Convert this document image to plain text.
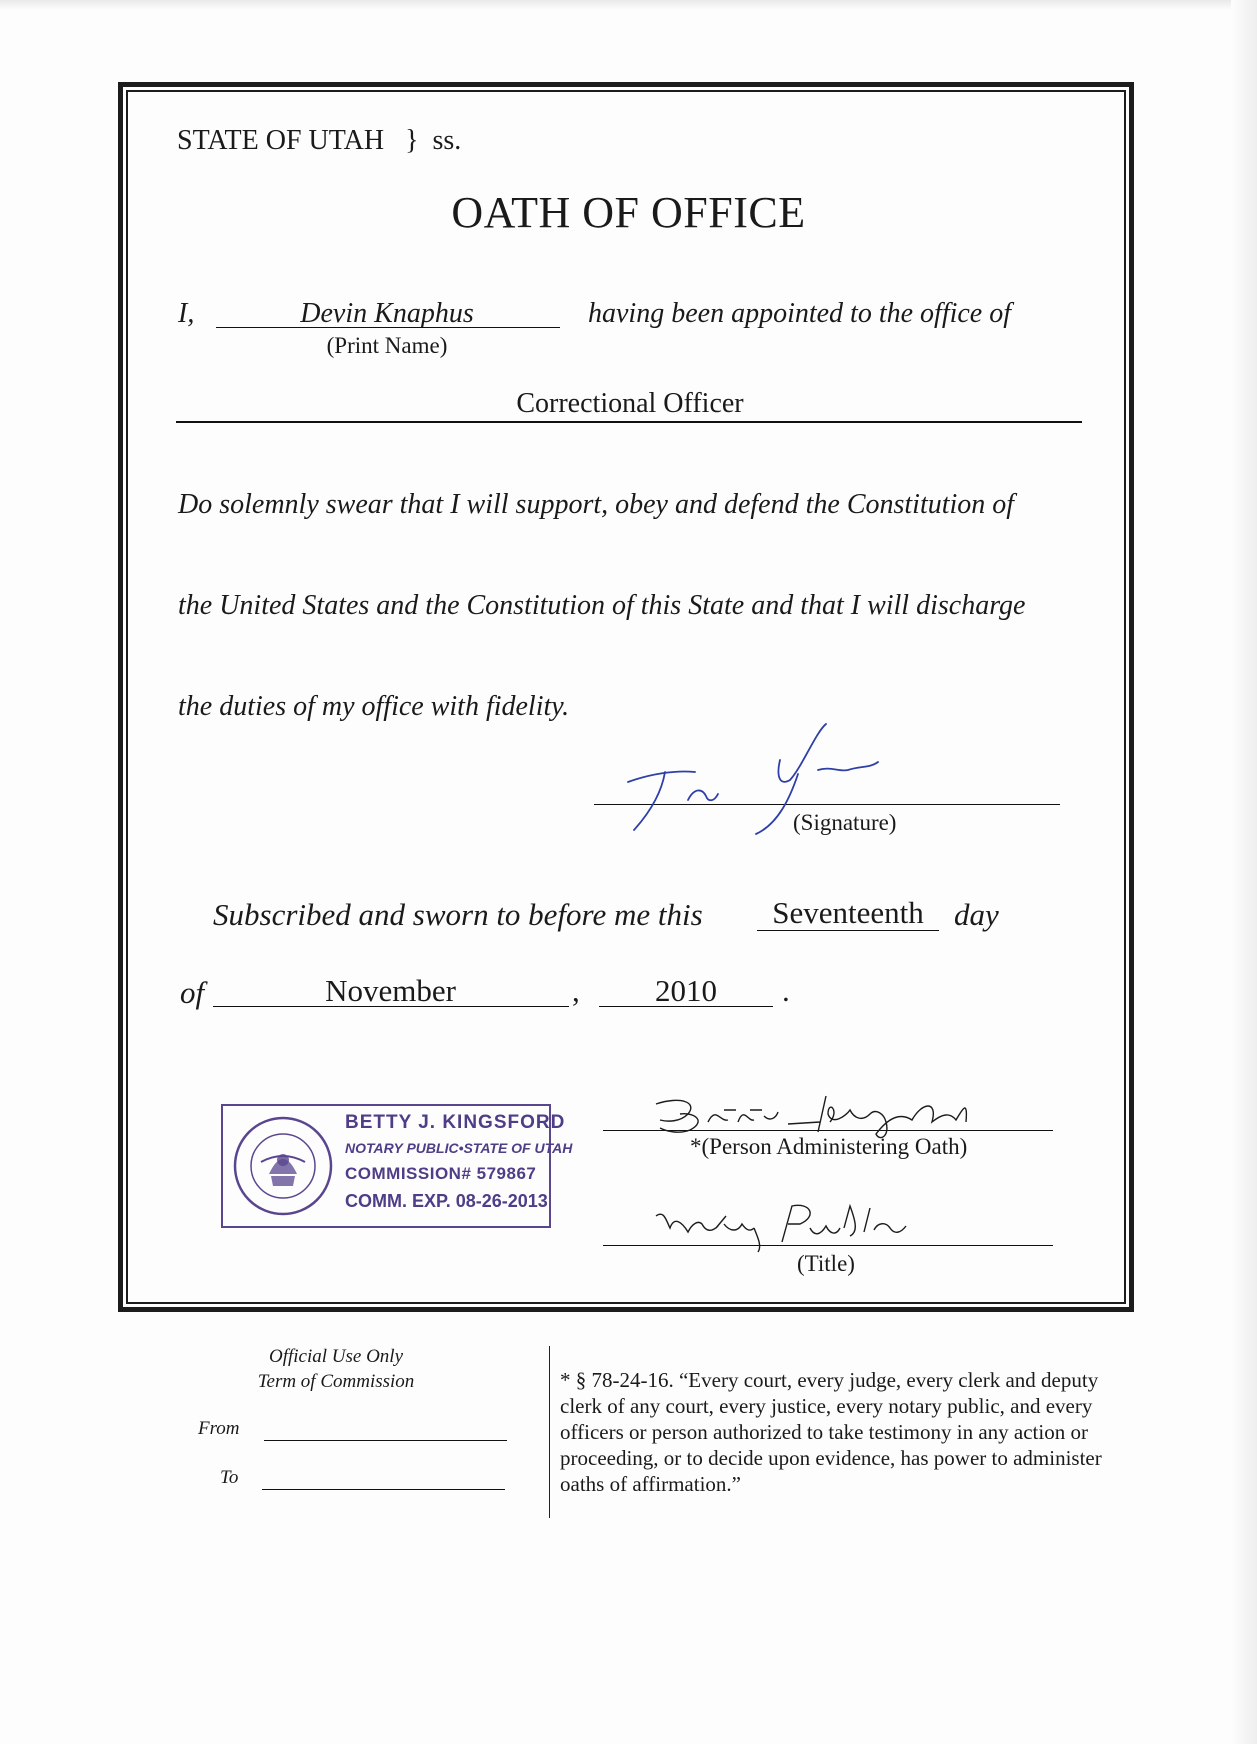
STATE OF UTAH   }  ss.
OATH OF OFFICE
I,	Devin Knaphus
(Print Name)
having been appointed to the office of
Correctional Officer
Do solemnly swear that I will support, obey and defend the Constitution of
the United States and the Constitution of this State and that I will discharge
the duties of my office with fidelity.
(Signature)
Subscribed and sworn to before me this	Seventeenth day
of	November	,	2010	.
BETTY J. KINGSFORD
NOTARY PUBLIC•STATE OF UTAH
COMMISSION# 579867
COMM. EXP. 08-26-2013
*(Person Administering Oath)
(Title)
Official Use Only
Term of Commission
From
To
* § 78-24-16. “Every court, every judge, every clerk and deputy clerk of any court, every justice, every notary public, and every officers or person authorized to take testimony in any action or proceeding, or to decide upon evidence, has power to administer oaths of affirmation.”
